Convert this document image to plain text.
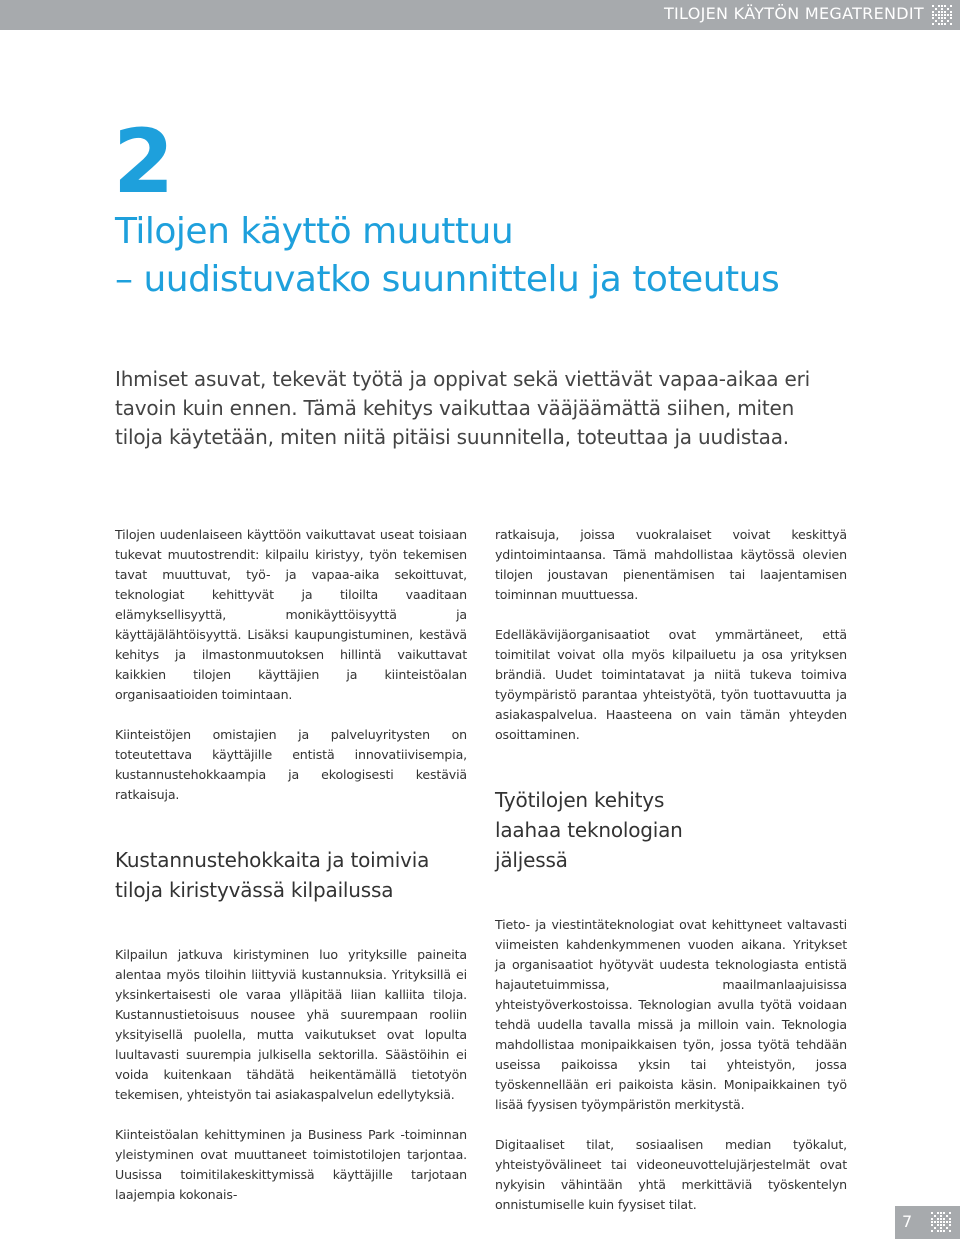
TILOJEN KÄYTÖN MEGATRENDIT
2
Tilojen käyttö muuttuu
– uudistuvatko suunnittelu ja toteutus

Ihmiset asuvat, tekevät työtä ja oppivat sekä viettävät vapaa-aikaa eri tavoin kuin ennen. Tämä kehitys vaikuttaa vääjäämättä siihen, miten tiloja käytetään, miten niitä pitäisi suunnitella, toteuttaa ja uudistaa.

Tilojen uudenlaiseen käyttöön vaikuttavat useat toisiaan tukevat muutostrendit: kilpailu kiristyy, työn tekemisen tavat muuttuvat, työ- ja vapaa-aika sekoittuvat, teknologiat kehittyvät ja tiloilta vaaditaan elämyksellisyyttä, monikäyttöisyyttä ja käyttäjälähtöisyyttä. Lisäksi kaupungistuminen, kestävä kehitys ja ilmastonmuutoksen hillintä vaikuttavat kaikkien tilojen käyttäjien ja kiinteistöalan organisaatioiden toimintaan.

Kiinteistöjen omistajien ja palveluyritysten on toteutettava käyttäjille entistä innovatiivisempia, kustannustehokkaampia ja ekologisesti kestäviä ratkaisuja.

Kustannustehokkaita ja toimivia tiloja kiristyvässä kilpailussa

Kilpailun jatkuva kiristyminen luo yrityksille paineita alentaa myös tiloihin liittyviä kustannuksia. Yrityksillä ei yksinkertaisesti ole varaa ylläpitää liian kalliita tiloja. Kustannustietoisuus nousee yhä suurempaan rooliin yksityisellä puolella, mutta vaikutukset ovat lopulta luultavasti suurempia julkisella sektorilla. Säästöihin ei voida kuitenkaan tähdätä heikentämällä tietotyön tekemisen, yhteistyön tai asiakaspalvelun edellytyksiä.

Kiinteistöalan kehittyminen ja Business Park -toiminnan yleistyminen ovat muuttaneet toimistotilojen tarjontaa. Uusissa toimitilakeskittymissä käyttäjille tarjotaan laajempia kokonais-

ratkaisuja, joissa vuokralaiset voivat keskittyä ydintoimintaansa. Tämä mahdollistaa käytössä olevien tilojen joustavan pienentämisen tai laajentamisen toiminnan muuttuessa.

Edelläkävijäorganisaatiot ovat ymmärtäneet, että toimitilat voivat olla myös kilpailuetu ja osa yrityksen brändiä. Uudet toimintatavat ja niitä tukeva toimiva työympäristö parantaa yhteistyötä, työn tuottavuutta ja asiakaspalvelua. Haasteena on vain tämän yhteyden osoittaminen.

Työtilojen kehitys laahaa teknologian jäljessä

Tieto- ja viestintäteknologiat ovat kehittyneet valtavasti viimeisten kahdenkymmenen vuoden aikana. Yritykset ja organisaatiot hyötyvät uudesta teknologiasta entistä hajautetuimmissa, maailmanlaajuisissa yhteistyöverkostoissa. Teknologian avulla työtä voidaan tehdä uudella tavalla missä ja milloin vain. Teknologia mahdollistaa monipaikkaisen työn, jossa työtä tehdään useissa paikoissa yksin tai yhteistyön, jossa työskennellään eri paikoista käsin. Monipaikkainen työ lisää fyysisen työympäristön merkitystä.

Digitaaliset tilat, sosiaalisen median työkalut, yhteistyövälineet tai videoneuvottelujärjestelmät ovat nykyisin vähintään yhtä merkittäviä työskentelyn onnistumiselle kuin fyysiset tilat.

7
